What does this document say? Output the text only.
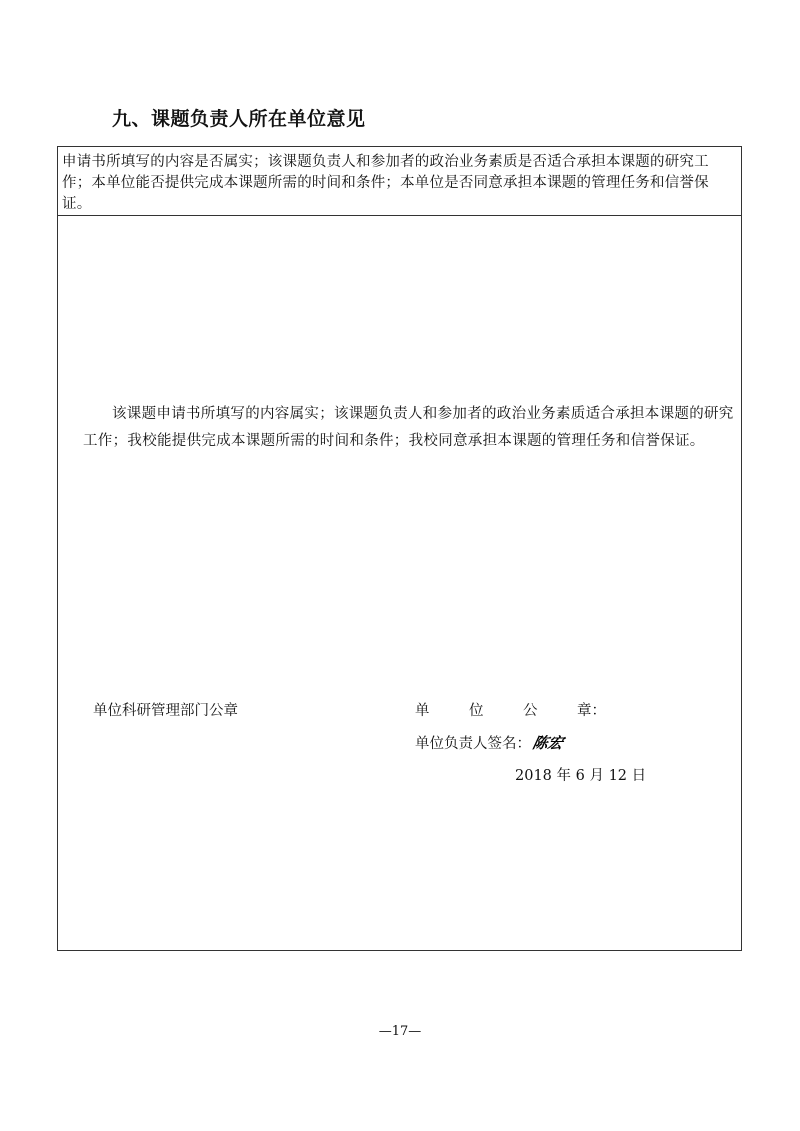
九、课题负责人所在单位意见
申请书所填写的内容是否属实；该课题负责人和参加者的政治业务素质是否适合承担本课题的研究工作；本单位能否提供完成本课题所需的时间和条件；本单位是否同意承担本课题的管理任务和信誉保证。
该课题申请书所填写的内容属实；该课题负责人和参加者的政治业务素质适合承担本课题的研究工作；我校能提供完成本课题所需的时间和条件；我校同意承担本课题的管理任务和信誉保证。
单位科研管理部门公章	单	位	公	章：
单位负责人签名：陈宏
2018 年 6 月 12 日
—17—
